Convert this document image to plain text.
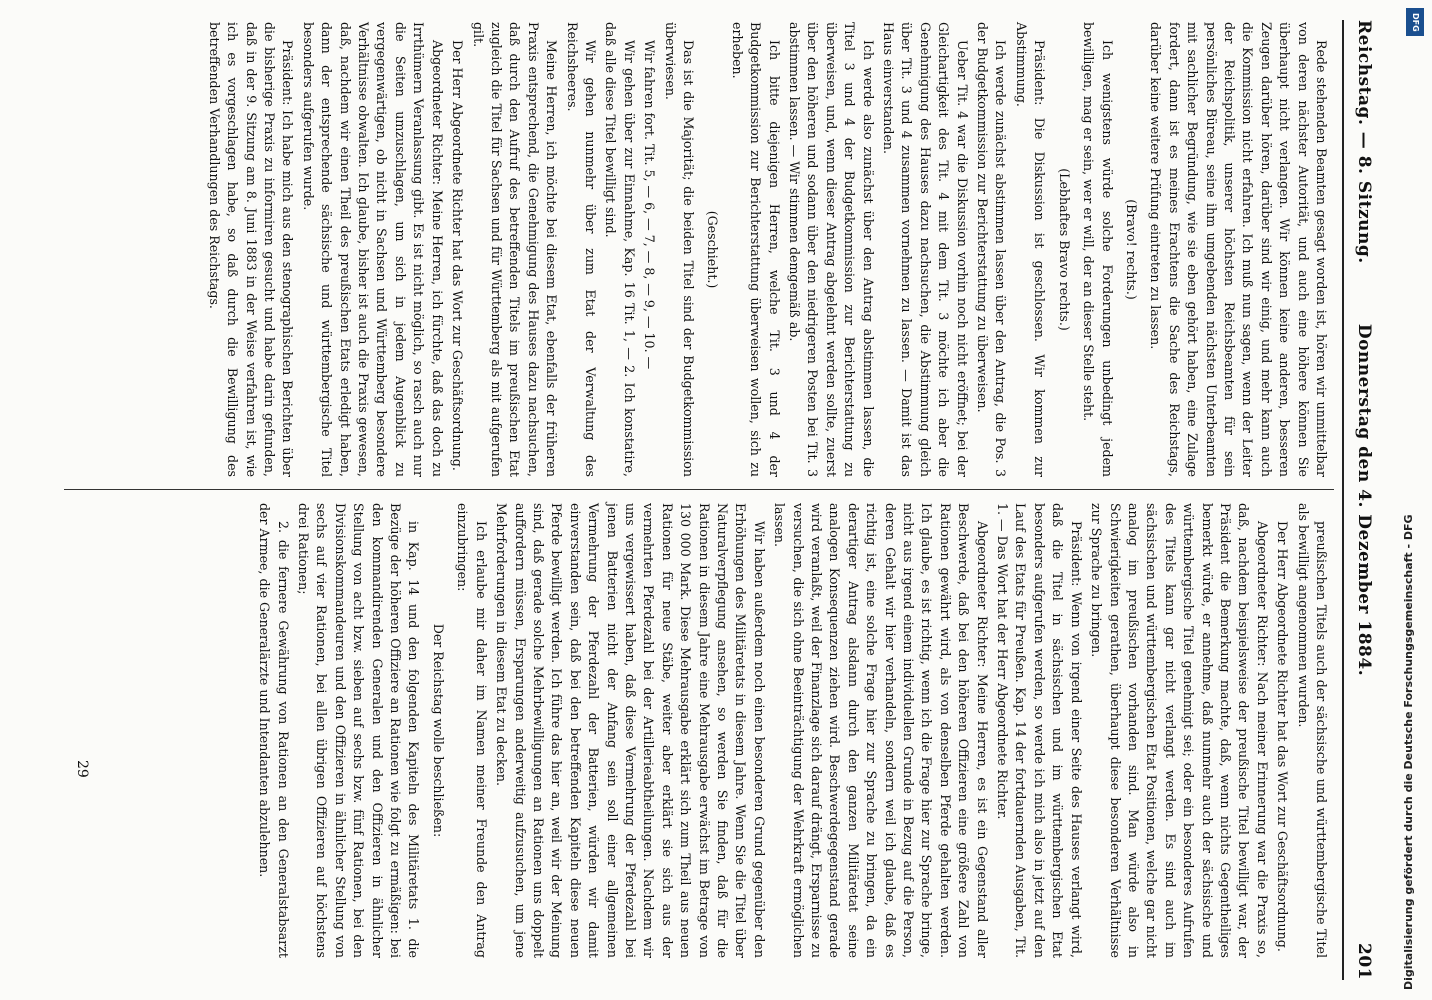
Reichstag. — 8. Sitzung.
Donnerstag den 4. Dezember 1884.
201

Rede stehenden Beamten gesagt worden ist, hören wir unmittelbar von deren nächster Autorität, und auch eine höhere können Sie überhaupt nicht verlangen. Wir können keine anderen, besseren Zeugen darüber hören, darüber sind wir einig, und mehr kann auch die Kommission nicht erfahren. Ich muß nun sagen, wenn der Leiter der Reichspolitik, unserer höchsten Reichsbeamten für sein persönliches Büreau, seine ihm umgebenden nächsten Unterbeamten mit sachlicher Begründung, wie sie eben gehört haben, eine Zulage fordert, dann ist es meines Erachtens die Sache des Reichstags, darüber keine weitere Prüfung eintreten zu lassen.

(Bravo! rechts.)

Ich wenigstens würde solche Forderungen unbedingt jedem bewilligen, mag er sein, wer er will, der an dieser Stelle steht.

(Lebhaftes Bravo rechts.)

Präsident: Die Diskussion ist geschlossen. Wir kommen zur Abstimmung.

Ich werde zunächst abstimmen lassen über den Antrag, die Pos. 3 der Budgetkommission zur Berichterstattung zu überweisen.

Ueber Tit. 4 war die Diskussion vorhin noch nicht eröffnet; bei der Gleichartigkeit des Tit. 4 mit dem Tit. 3 möchte ich aber die Genehmigung des Hauses dazu nachsuchen, die Abstimmung gleich über Tit. 3 und 4 zusammen vornehmen zu lassen. — Damit ist das Haus einverstanden.

Ich werde also zunächst über den Antrag abstimmen lassen, die Titel 3 und 4 der Budgetkommission zur Berichterstattung zu überweisen, und, wenn dieser Antrag abgelehnt werden sollte, zuerst über den höheren und sodann über den niedrigeren Posten bei Tit. 3 abstimmen lassen. — Wir stimmen demgemäß ab.

Ich bitte diejenigen Herren, welche Tit. 3 und 4 der Budgetkommission zur Berichterstattung überweisen wollen, sich zu erheben.

(Geschieht.)

Das ist die Majorität; die beiden Titel sind der Budgetkommission überwiesen.

Wir fahren fort. Tit. 5, — 6, — 7, — 8, — 9, — 10. —

Wir gehen über zur Einnahme, Kap. 16 Tit. 1, — 2. Ich konstatire, daß alle diese Titel bewilligt sind.

Wir gehen nunmehr über zum Etat der Verwaltung des Reichsheeres.

Meine Herren, ich möchte bei diesem Etat, ebenfalls der früheren Praxis entsprechend, die Genehmigung des Hauses dazu nachsuchen, daß durch den Aufruf des betreffenden Titels im preußischen Etat zugleich die Titel für Sachsen und für Württemberg als mit aufgerufen gilt.

Der Herr Abgeordnete Richter hat das Wort zur Geschäftsordnung.

Abgeordneter Richter: Meine Herren, ich fürchte, daß das doch zu Irrthümern Veranlassung gibt. Es ist nicht möglich, so rasch auch nur die Seiten umzuschlagen, um sich in jedem Augenblick zu vergegenwärtigen, ob nicht in Sachsen und Württemberg besondere Verhältnisse obwalten. Ich glaube, bisher ist auch die Praxis gewesen, daß, nachdem wir einen Theil des preußischen Etats erledigt haben, dann der entsprechende sächsische und württembergische Titel besonders aufgerufen wurde.

Präsident: Ich habe mich aus den stenographischen Berichten über die bisherige Praxis zu informiren gesucht und habe darin gefunden, daß in der 9. Sitzung am 8. Juni 1883 in der Weise verfahren ist, wie ich es vorgeschlagen habe, so daß durch die Bewilligung des betreffenden Verhandlungen des Reichstags.

preußischen Titels auch der sächsische und württembergische Titel als bewilligt angenommen wurden.

Der Herr Abgeordnete Richter hat das Wort zur Geschäftsordnung.

Abgeordneter Richter: Nach meiner Erinnerung war die Praxis so, daß, nachdem beispielsweise der preußische Titel bewilligt war, der Präsident die Bemerkung machte, daß, wenn nichts Gegentheiliges bemerkt würde, er annehme, daß nunmehr auch der sächsische und württembergische Titel genehmigt sei; oder ein besonderes Aufrufen des Titels kann gar nicht verlangt werden. Es sind auch im sächsischen und württembergischen Etat Positionen, welche gar nicht analog im preußischen vorhanden sind. Man würde also in Schwierigkeiten gerathen, überhaupt diese besonderen Verhältnisse zur Sprache zu bringen.

Präsident: Wenn von irgend einer Seite des Hauses verlangt wird, daß die Titel in sächsischen und im württembergischen Etat besonders aufgerufen werden, so werde ich mich also in jetzt auf den Lauf des Etats für Preußen. Kap. 14 der fortdauernden Ausgaben, Tit. 1. — Das Wort hat der Herr Abgeordnete Richter.

Abgeordneter Richter: Meine Herren, es ist ein Gegenstand aller Beschwerde, daß bei den höheren Offizieren eine größere Zahl von Rationen gewährt wird, als von denselben Pferde gehalten werden. Ich glaube, es ist richtig, wenn ich die Frage hier zur Sprache bringe, nicht aus irgend einem individuellen Grunde in Bezug auf die Person, deren Gehalt wir hier verhandeln, sondern weil ich glaube, daß es richtig ist, eine solche Frage hier zur Sprache zu bringen, da ein derartiger Antrag alsdann durch den ganzen Militäretat seine analogen Konsequenzen ziehen wird. Beschwerdegegenstand gerade wird veranlaßt, weil der Finanzlage sich darauf drängt, Ersparnisse zu versuchen, die sich ohne Beeinträchtigung der Wehrkraft ermöglichen lassen.

Wir haben außerdem noch einen besonderen Grund gegenüber den Erhöhungen des Militäretats in diesem Jahre. Wenn Sie die Titel über Naturalverpflegung ansehen, so werden Sie finden, daß für die Rationen in diesem Jahre eine Mehrausgabe erwächst im Betrage von 130 000 Mark. Diese Mehrausgabe erklärt sich zum Theil aus neuen Rationen für neue Stäbe, weiter aber erklärt sie sich aus der vermehrten Pferdezahl bei der Artillerieabtheilungen. Nachdem wir uns vergewissert haben, daß diese Vermehrung der Pferdezahl bei jenen Batterien nicht der Anfang sein soll einer allgemeinen Vermehrung der Pferdezahl der Batterien, würden wir damit einverstanden sein, daß bei den betreffenden Kapiteln diese neuen Pferde bewilligt werden. Ich führe das hier an, weil wir der Meinung sind, daß gerade solche Mehrbewilligungen an Rationen uns doppelt auffordern müssen, Ersparungen anderweitig aufzusuchen, um jene Mehrforderungen in diesem Etat zu decken.

Ich erlaube mir daher im Namen meiner Freunde den Antrag einzubringen:

Der Reichstag wolle beschließen:

in Kap. 14 und den folgenden Kapiteln des Militäretats 1. die Bezüge der höheren Offiziere an Rationen wie folgt zu ermäßigen: bei den kommandirenden Generalen und den Offizieren in ähnlicher Stellung von acht bzw. sieben auf sechs bzw. fünf Rationen, bei den Divisionskommandeuren und den Offizieren in ähnlicher Stellung von sechs auf vier Rationen, bei allen übrigen Offizieren auf höchstens drei Rationen;

2. die fernere Gewährung von Rationen an den Generalstabsarzt der Armee, die Generalärzte und Intendanten abzulehnen.

29
DFG
Digitalisierung gefördert durch die Deutsche Forschungsgemeinschaft - DFG
